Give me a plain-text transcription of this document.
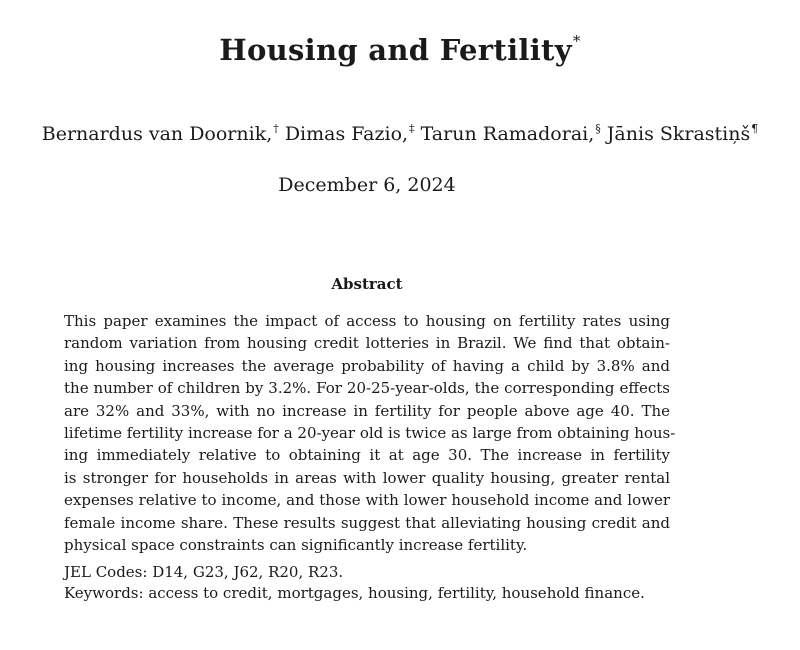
Housing and Fertility*
Bernardus van Doornik,† Dimas Fazio,‡ Tarun Ramadorai,§ Jānis Skrastiņš¶
December 6, 2024
Abstract
This paper examines the impact of access to housing on fertility rates using
random variation from housing credit lotteries in Brazil. We find that obtain-
ing housing increases the average probability of having a child by 3.8% and
the number of children by 3.2%. For 20-25-year-olds, the corresponding effects
are 32% and 33%, with no increase in fertility for people above age 40. The
lifetime fertility increase for a 20-year old is twice as large from obtaining hous-
ing immediately relative to obtaining it at age 30. The increase in fertility
is stronger for households in areas with lower quality housing, greater rental
expenses relative to income, and those with lower household income and lower
female income share. These results suggest that alleviating housing credit and
physical space constraints can significantly increase fertility.
JEL Codes: D14, G23, J62, R20, R23.
Keywords: access to credit, mortgages, housing, fertility, household finance.
